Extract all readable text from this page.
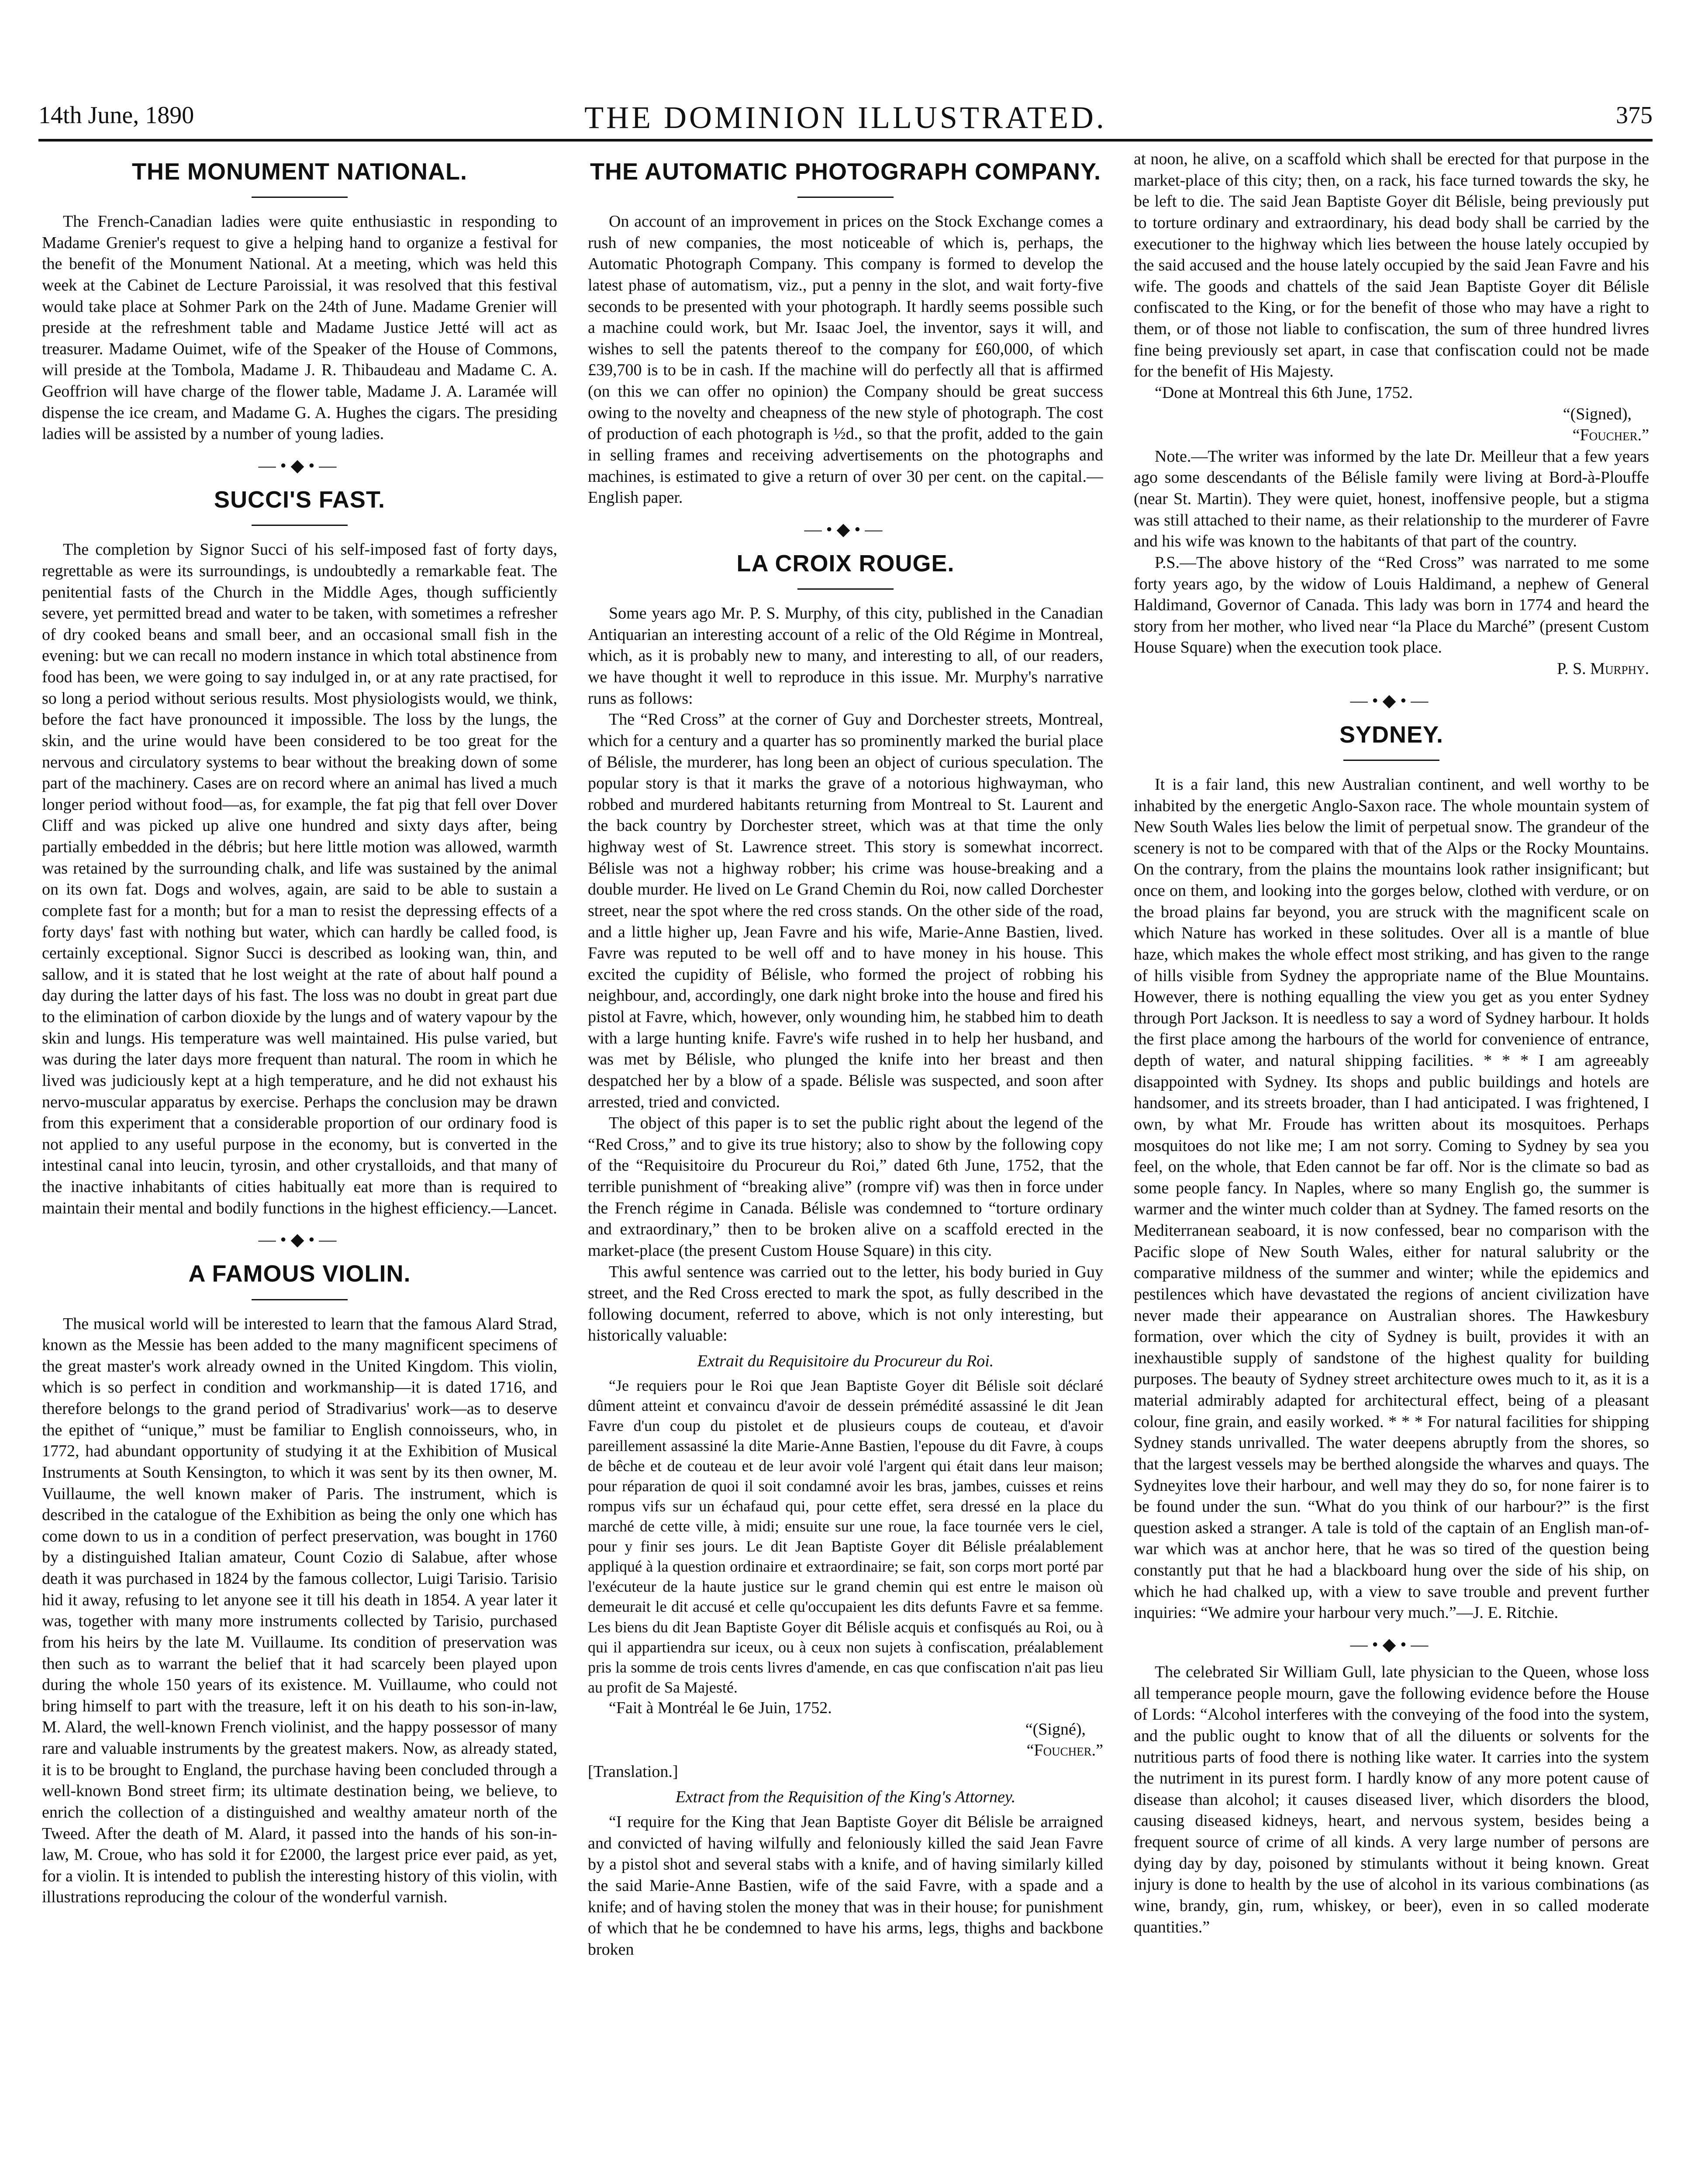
14th June, 1890	THE DOMINION ILLUSTRATED.	375
THE MONUMENT NATIONAL.

The French-Canadian ladies were quite enthusiastic in responding to Madame Grenier's request to give a helping hand to organize a festival for the benefit of the Monument National. At a meeting, which was held this week at the Cabinet de Lecture Paroissial, it was resolved that this festival would take place at Sohmer Park on the 24th of June. Madame Grenier will preside at the refreshment table and Madame Justice Jetté will act as treasurer. Madame Ouimet, wife of the Speaker of the House of Commons, will preside at the Tombola, Madame J. R. Thibaudeau and Madame C. A. Geoffrion will have charge of the flower table, Madame J. A. Laramée will dispense the ice cream, and Madame G. A. Hughes the cigars. The presiding ladies will be assisted by a number of young ladies.

—•◆•—
SUCCI'S FAST.

The completion by Signor Succi of his self-imposed fast of forty days, regrettable as were its surroundings, is undoubtedly a remarkable feat. The penitential fasts of the Church in the Middle Ages, though sufficiently severe, yet permitted bread and water to be taken, with sometimes a refresher of dry cooked beans and small beer, and an occasional small fish in the evening: but we can recall no modern instance in which total abstinence from food has been, we were going to say indulged in, or at any rate practised, for so long a period without serious results. Most physiologists would, we think, before the fact have pronounced it impossible. The loss by the lungs, the skin, and the urine would have been considered to be too great for the nervous and circulatory systems to bear without the breaking down of some part of the machinery. Cases are on record where an animal has lived a much longer period without food—as, for example, the fat pig that fell over Dover Cliff and was picked up alive one hundred and sixty days after, being partially embedded in the débris; but here little motion was allowed, warmth was retained by the surrounding chalk, and life was sustained by the animal on its own fat. Dogs and wolves, again, are said to be able to sustain a complete fast for a month; but for a man to resist the depressing effects of a forty days' fast with nothing but water, which can hardly be called food, is certainly exceptional. Signor Succi is described as looking wan, thin, and sallow, and it is stated that he lost weight at the rate of about half pound a day during the latter days of his fast. The loss was no doubt in great part due to the elimination of carbon dioxide by the lungs and of watery vapour by the skin and lungs. His temperature was well maintained. His pulse varied, but was during the later days more frequent than natural. The room in which he lived was judiciously kept at a high temperature, and he did not exhaust his nervo-muscular apparatus by exercise. Perhaps the conclusion may be drawn from this experiment that a considerable proportion of our ordinary food is not applied to any useful purpose in the economy, but is converted in the intestinal canal into leucin, tyrosin, and other crystalloids, and that many of the inactive inhabitants of cities habitually eat more than is required to maintain their mental and bodily functions in the highest efficiency.—Lancet.

—•◆•—
A FAMOUS VIOLIN.

The musical world will be interested to learn that the famous Alard Strad, known as the Messie has been added to the many magnificent specimens of the great master's work already owned in the United Kingdom. This violin, which is so perfect in condition and workmanship—it is dated 1716, and therefore belongs to the grand period of Stradivarius' work—as to deserve the epithet of “unique,” must be familiar to English connoisseurs, who, in 1772, had abundant opportunity of studying it at the Exhibition of Musical Instruments at South Kensington, to which it was sent by its then owner, M. Vuillaume, the well known maker of Paris. The instrument, which is described in the catalogue of the Exhibition as being the only one which has come down to us in a condition of perfect preservation, was bought in 1760 by a distinguished Italian amateur, Count Cozio di Salabue, after whose death it was purchased in 1824 by the famous collector, Luigi Tarisio. Tarisio hid it away, refusing to let anyone see it till his death in 1854. A year later it was, together with many more instruments collected by Tarisio, purchased from his heirs by the late M. Vuillaume. Its condition of preservation was then such as to warrant the belief that it had scarcely been played upon during the whole 150 years of its existence. M. Vuillaume, who could not bring himself to part with the treasure, left it on his death to his son-in-law, M. Alard, the well-known French violinist, and the happy possessor of many rare and valuable instruments by the greatest makers. Now, as already stated, it is to be brought to England, the purchase having been concluded through a well-known Bond street firm; its ultimate destination being, we believe, to enrich the collection of a distinguished and wealthy amateur north of the Tweed. After the death of M. Alard, it passed into the hands of his son-in-law, M. Croue, who has sold it for £2000, the largest price ever paid, as yet, for a violin. It is intended to publish the interesting history of this violin, with illustrations reproducing the colour of the wonderful varnish.

THE AUTOMATIC PHOTOGRAPH COMPANY.

On account of an improvement in prices on the Stock Exchange comes a rush of new companies, the most noticeable of which is, perhaps, the Automatic Photograph Company. This company is formed to develop the latest phase of automatism, viz., put a penny in the slot, and wait forty-five seconds to be presented with your photograph. It hardly seems possible such a machine could work, but Mr. Isaac Joel, the inventor, says it will, and wishes to sell the patents thereof to the company for £60,000, of which £39,700 is to be in cash. If the machine will do perfectly all that is affirmed (on this we can offer no opinion) the Company should be great success owing to the novelty and cheapness of the new style of photograph. The cost of production of each photograph is ½d., so that the profit, added to the gain in selling frames and receiving advertisements on the photographs and machines, is estimated to give a return of over 30 per cent. on the capital.—English paper.

—•◆•—
LA CROIX ROUGE.

Some years ago Mr. P. S. Murphy, of this city, published in the Canadian Antiquarian an interesting account of a relic of the Old Régime in Montreal, which, as it is probably new to many, and interesting to all, of our readers, we have thought it well to reproduce in this issue. Mr. Murphy's narrative runs as follows:

The “Red Cross” at the corner of Guy and Dorchester streets, Montreal, which for a century and a quarter has so prominently marked the burial place of Bélisle, the murderer, has long been an object of curious speculation. The popular story is that it marks the grave of a notorious highwayman, who robbed and murdered habitants returning from Montreal to St. Laurent and the back country by Dorchester street, which was at that time the only highway west of St. Lawrence street. This story is somewhat incorrect. Bélisle was not a highway robber; his crime was house-breaking and a double murder. He lived on Le Grand Chemin du Roi, now called Dorchester street, near the spot where the red cross stands. On the other side of the road, and a little higher up, Jean Favre and his wife, Marie-Anne Bastien, lived. Favre was reputed to be well off and to have money in his house. This excited the cupidity of Bélisle, who formed the project of robbing his neighbour, and, accordingly, one dark night broke into the house and fired his pistol at Favre, which, however, only wounding him, he stabbed him to death with a large hunting knife. Favre's wife rushed in to help her husband, and was met by Bélisle, who plunged the knife into her breast and then despatched her by a blow of a spade. Bélisle was suspected, and soon after arrested, tried and convicted.

The object of this paper is to set the public right about the legend of the “Red Cross,” and to give its true history; also to show by the following copy of the “Requisitoire du Procureur du Roi,” dated 6th June, 1752, that the terrible punishment of “breaking alive” (rompre vif) was then in force under the French régime in Canada. Bélisle was condemned to “torture ordinary and extraordinary,” then to be broken alive on a scaffold erected in the market-place (the present Custom House Square) in this city.

This awful sentence was carried out to the letter, his body buried in Guy street, and the Red Cross erected to mark the spot, as fully described in the following document, referred to above, which is not only interesting, but historically valuable:

Extrait du Requisitoire du Procureur du Roi.

“Je requiers pour le Roi que Jean Baptiste Goyer dit Bélisle soit déclaré dûment atteint et convaincu d'avoir de dessein prémédité assassiné le dit Jean Favre d'un coup du pistolet et de plusieurs coups de couteau, et d'avoir pareillement assassiné la dite Marie-Anne Bastien, l'epouse du dit Favre, à coups de bêche et de couteau et de leur avoir volé l'argent qui était dans leur maison; pour réparation de quoi il soit condamné avoir les bras, jambes, cuisses et reins rompus vifs sur un échafaud qui, pour cette effet, sera dressé en la place du marché de cette ville, à midi; ensuite sur une roue, la face tournée vers le ciel, pour y finir ses jours. Le dit Jean Baptiste Goyer dit Bélisle préalablement appliqué à la question ordinaire et extraordinaire; se fait, son corps mort porté par l'exécuteur de la haute justice sur le grand chemin qui est entre le maison où demeurait le dit accusé et celle qu'occupaient les dits defunts Favre et sa femme. Les biens du dit Jean Baptiste Goyer dit Bélisle acquis et confisqués au Roi, ou à qui il appartiendra sur iceux, ou à ceux non sujets à confiscation, préalablement pris la somme de trois cents livres d'amende, en cas que confiscation n'ait pas lieu au profit de Sa Majesté.

“Fait à Montréal le 6e Juin, 1752.

“(Signé),

“Foucher.”

[Translation.]

Extract from the Requisition of the King's Attorney.

“I require for the King that Jean Baptiste Goyer dit Bélisle be arraigned and convicted of having wilfully and feloniously killed the said Jean Favre by a pistol shot and several stabs with a knife, and of having similarly killed the said Marie-Anne Bastien, wife of the said Favre, with a spade and a knife; and of having stolen the money that was in their house; for punishment of which that he be condemned to have his arms, legs, thighs and backbone broken

at noon, he alive, on a scaffold which shall be erected for that purpose in the market-place of this city; then, on a rack, his face turned towards the sky, he be left to die. The said Jean Baptiste Goyer dit Bélisle, being previously put to torture ordinary and extraordinary, his dead body shall be carried by the executioner to the highway which lies between the house lately occupied by the said accused and the house lately occupied by the said Jean Favre and his wife. The goods and chattels of the said Jean Baptiste Goyer dit Bélisle confiscated to the King, or for the benefit of those who may have a right to them, or of those not liable to confiscation, the sum of three hundred livres fine being previously set apart, in case that confiscation could not be made for the benefit of His Majesty.

“Done at Montreal this 6th June, 1752.

“(Signed),

“Foucher.”

Note.—The writer was informed by the late Dr. Meilleur that a few years ago some descendants of the Bélisle family were living at Bord-à-Plouffe (near St. Martin). They were quiet, honest, inoffensive people, but a stigma was still attached to their name, as their relationship to the murderer of Favre and his wife was known to the habitants of that part of the country.

P.S.—The above history of the “Red Cross” was narrated to me some forty years ago, by the widow of Louis Haldimand, a nephew of General Haldimand, Governor of Canada. This lady was born in 1774 and heard the story from her mother, who lived near “la Place du Marché” (present Custom House Square) when the execution took place.

P. S. Murphy.

—•◆•—
SYDNEY.

It is a fair land, this new Australian continent, and well worthy to be inhabited by the energetic Anglo-Saxon race. The whole mountain system of New South Wales lies below the limit of perpetual snow. The grandeur of the scenery is not to be compared with that of the Alps or the Rocky Mountains. On the contrary, from the plains the mountains look rather insignificant; but once on them, and looking into the gorges below, clothed with verdure, or on the broad plains far beyond, you are struck with the magnificent scale on which Nature has worked in these solitudes. Over all is a mantle of blue haze, which makes the whole effect most striking, and has given to the range of hills visible from Sydney the appropriate name of the Blue Mountains. However, there is nothing equalling the view you get as you enter Sydney through Port Jackson. It is needless to say a word of Sydney harbour. It holds the first place among the harbours of the world for convenience of entrance, depth of water, and natural shipping facilities. * * * I am agreeably disappointed with Sydney. Its shops and public buildings and hotels are handsomer, and its streets broader, than I had anticipated. I was frightened, I own, by what Mr. Froude has written about its mosquitoes. Perhaps mosquitoes do not like me; I am not sorry. Coming to Sydney by sea you feel, on the whole, that Eden cannot be far off. Nor is the climate so bad as some people fancy. In Naples, where so many English go, the summer is warmer and the winter much colder than at Sydney. The famed resorts on the Mediterranean seaboard, it is now confessed, bear no comparison with the Pacific slope of New South Wales, either for natural salubrity or the comparative mildness of the summer and winter; while the epidemics and pestilences which have devastated the regions of ancient civilization have never made their appearance on Australian shores. The Hawkesbury formation, over which the city of Sydney is built, provides it with an inexhaustible supply of sandstone of the highest quality for building purposes. The beauty of Sydney street architecture owes much to it, as it is a material admirably adapted for architectural effect, being of a pleasant colour, fine grain, and easily worked. * * * For natural facilities for shipping Sydney stands unrivalled. The water deepens abruptly from the shores, so that the largest vessels may be berthed alongside the wharves and quays. The Sydneyites love their harbour, and well may they do so, for none fairer is to be found under the sun. “What do you think of our harbour?” is the first question asked a stranger. A tale is told of the captain of an English man-of-war which was at anchor here, that he was so tired of the question being constantly put that he had a blackboard hung over the side of his ship, on which he had chalked up, with a view to save trouble and prevent further inquiries: “We admire your harbour very much.”—J. E. Ritchie.

—•◆•—

The celebrated Sir William Gull, late physician to the Queen, whose loss all temperance people mourn, gave the following evidence before the House of Lords: “Alcohol interferes with the conveying of the food into the system, and the public ought to know that of all the diluents or solvents for the nutritious parts of food there is nothing like water. It carries into the system the nutriment in its purest form. I hardly know of any more potent cause of disease than alcohol; it causes diseased liver, which disorders the blood, causing diseased kidneys, heart, and nervous system, besides being a frequent source of crime of all kinds. A very large number of persons are dying day by day, poisoned by stimulants without it being known. Great injury is done to health by the use of alcohol in its various combinations (as wine, brandy, gin, rum, whiskey, or beer), even in so called moderate quantities.”
